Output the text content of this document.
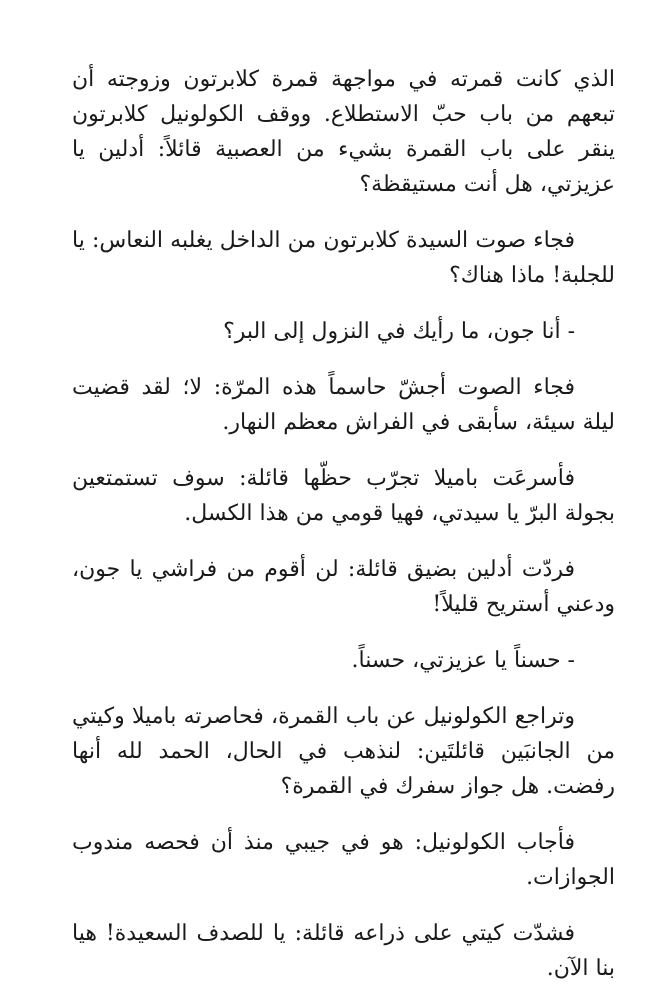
الذي كانت قمرته في مواجهة قمرة كلابرتون وزوجته أن تبعهم من باب حبّ الاستطلاع. ووقف الكولونيل كلابرتون ينقر على باب القمرة بشيء من العصبية قائلاً: أدلين يا عزيزتي، هل أنت مستيقظة؟

فجاء صوت السيدة كلابرتون من الداخل يغلبه النعاس: يا للجلبة! ماذا هناك؟

- أنا جون، ما رأيك في النزول إلى البر؟

فجاء الصوت أجشّ حاسماً هذه المرّة: لا؛ لقد قضيت ليلة سيئة، سأبقى في الفراش معظم النهار.

فأسرعَت باميلا تجرّب حظّها قائلة: سوف تستمتعين بجولة البرّ يا سيدتي، فهيا قومي من هذا الكسل.

فردّت أدلين بضيق قائلة: لن أقوم من فراشي يا جون، ودعني أستريح قليلاً!

- حسناً يا عزيزتي، حسناً.

وتراجع الكولونيل عن باب القمرة، فحاصرته باميلا وكيتي من الجانبَين قائلتَين: لنذهب في الحال، الحمد لله أنها رفضت. هل جواز سفرك في القمرة؟

فأجاب الكولونيل: هو في جيبي منذ أن فحصه مندوب الجوازات.

فشدّت كيتي على ذراعه قائلة: يا للصدف السعيدة! هيا بنا الآن.
